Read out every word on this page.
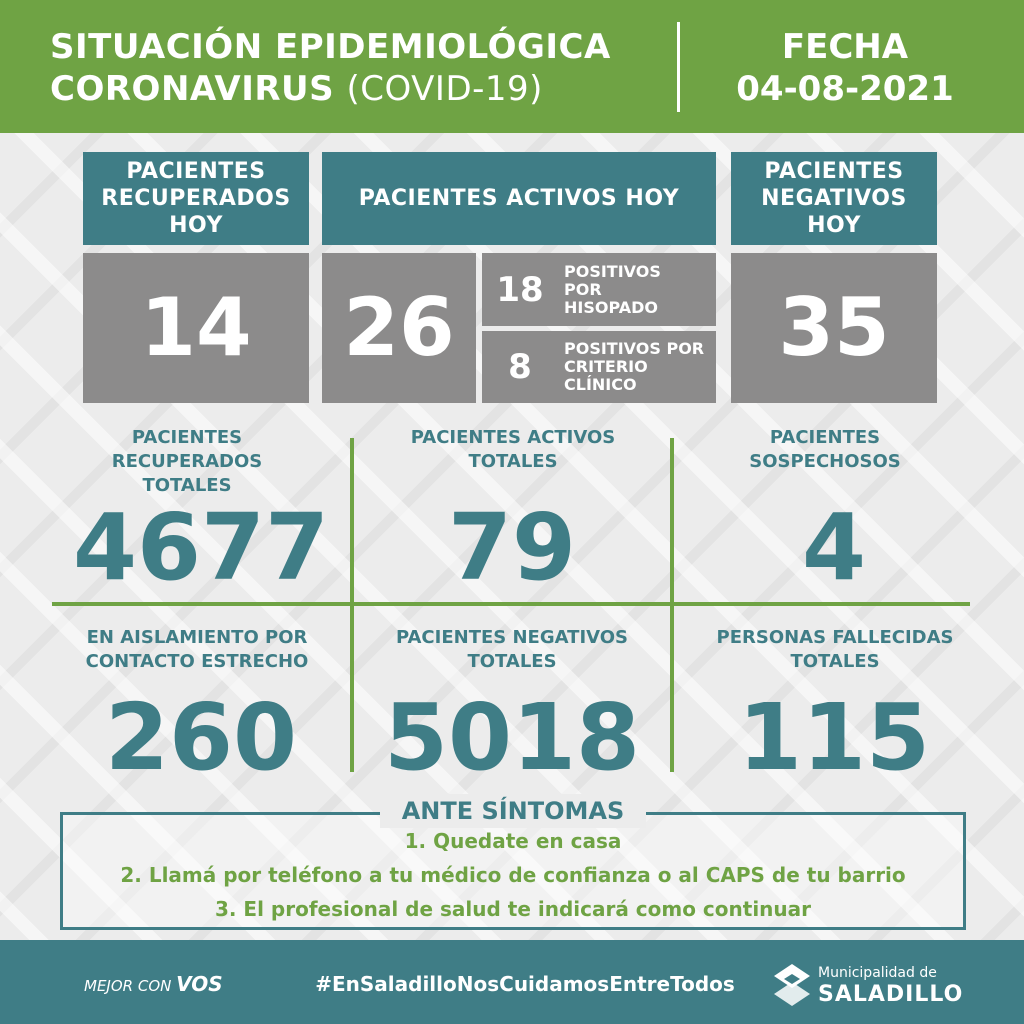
SITUACIÓN EPIDEMIOLÓGICA
CORONAVIRUS (COVID-19)
FECHA
04-08-2021
PACIENTES RECUPERADOS HOY
PACIENTES ACTIVOS HOY
PACIENTES NEGATIVOS HOY
14 26 18	POSITIVOS POR HISOPADO
8	POSITIVOS POR CRITERIO CLÍNICO
35
PACIENTES RECUPERADOS TOTALES
4677
PACIENTES ACTIVOS TOTALES
79
PACIENTES SOSPECHOSOS
4
EN AISLAMIENTO POR CONTACTO ESTRECHO
260
PACIENTES NEGATIVOS TOTALES
5018
PERSONAS FALLECIDAS TOTALES
115
ANTE SÍNTOMAS
1. Quedate en casa
2. Llamá por teléfono a tu médico de confianza o al CAPS de tu barrio
3. El profesional de salud te indicará como continuar
MEJOR CON VOS	#EnSaladilloNosCuidamosEntreTodos	Municipalidad de
SALADILLO
